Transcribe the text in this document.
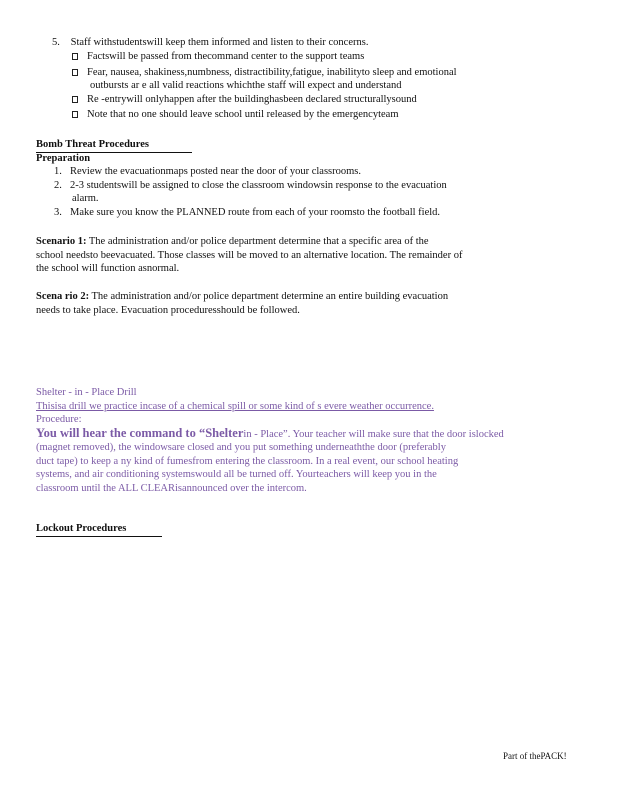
5. Staff withstudentswill keep them informed and listen to their concerns.
Factswill be passed from thecommand center to the support teams
Fear, nausea, shakiness,numbness, distractibility,fatigue, inabilityto sleep and emotional
outbursts ar e all valid reactions whichthe staff will expect and understand
Re -entrywill onlyhappen after the buildinghasbeen declared structurallysound
Note that no one should leave school until released by the emergencyteam
Bomb Threat Procedures
Preparation
1. Review the evacuationmaps posted near the door of your classrooms.
2. 2-3 studentswill be assigned to close the classroom windowsin response to the evacuation
alarm.
3. Make sure you know the PLANNED route from each of your roomsto the football field.
Scenario 1: The administration and/or police department determine that a specific area of the
school needsto beevacuated. Those classes will be moved to an alternative location. The remainder of
the school will function asnormal.
Scena rio 2: The administration and/or police department determine an entire building evacuation
needs to take place. Evacuation proceduresshould be followed.
Shelter - in - Place Drill
Thisisa drill we practice incase of a chemical spill or some kind of s evere weather occurrence.
Procedure:
You will hear the command to “Shelterin - Place”. Your teacher will make sure that the door islocked
(magnet removed), the windowsare closed and you put something underneaththe door (preferably
duct tape) to keep a ny kind of fumesfrom entering the classroom. In a real event, our school heating
systems, and air conditioning systemswould all be turned off. Yourteachers will keep you in the
classroom until the ALL CLEARisannounced over the intercom.
Lockout Procedures
Part of thePACK!
